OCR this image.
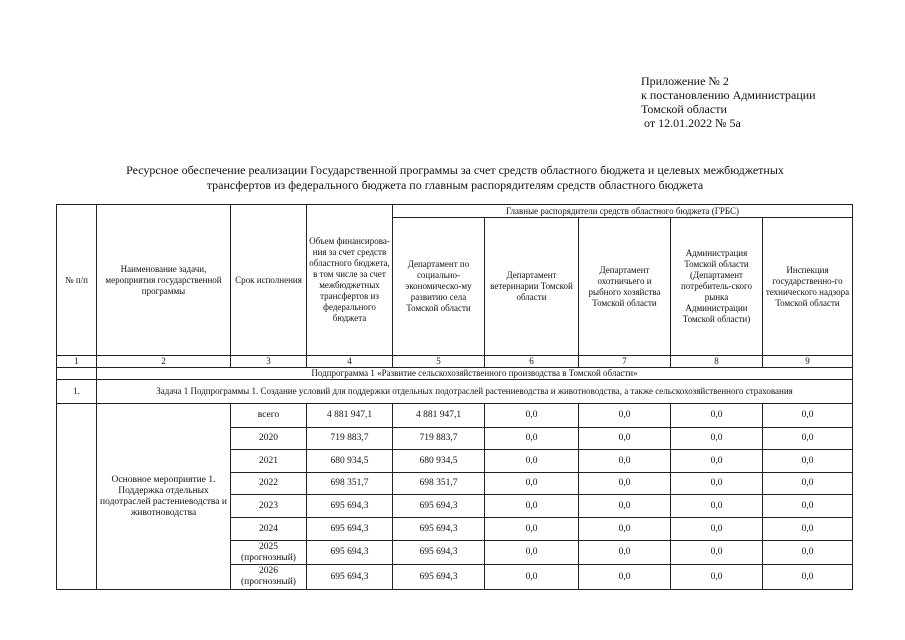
Приложение № 2
к постановлению Администрации
Томской области
от 12.01.2022 № 5а
Ресурсное обеспечение реализации Государственной программы за счет средств областного бюджета и целевых межбюджетных
трансфертов из федерального бюджета по главным распорядителям средств областного бюджета
№ п/п	Наименование задачи, мероприятия государственной программы	Срок исполнения	Объем финансирова-ния за счет средств областного бюджета, в том числе за счет межбюджетных трансфертов из федерального бюджета	Главные распорядители средств областного бюджета (ГРБС)				
				Департамент по социально-экономическо-му развитию села Томской области	Департамент ветеринарии Томской области	Департамент охотничьего и рыбного хозяйства Томской области	Администрация Томской области (Департамент потребитель-ского рынка Администрации Томской области)	Инспекция государственно-го технического надзора Томской области
1	2	3	4	5	6	7	8	9
	Подпрограмма 1 «Развитие сельскохозяйственного производства в Томской области»							
1.	Задача 1 Подпрограммы 1. Создание условий для поддержки отдельных подотраслей растениеводства и животноводства, а также сельскохозяйственного страхования							
	Основное мероприятие 1. Поддержка отдельных подотраслей растениеводства и животноводства	всего	4 881 947,1	4 881 947,1	0,0	0,0	0,0	0,0
		2020	719 883,7	719 883,7	0,0	0,0	0,0	0,0
		2021	680 934,5	680 934,5	0,0	0,0	0,0	0,0
		2022	698 351,7	698 351,7	0,0	0,0	0,0	0,0
		2023	695 694,3	695 694,3	0,0	0,0	0,0	0,0
		2024	695 694,3	695 694,3	0,0	0,0	0,0	0,0
		2025 (прогнозный)	695 694,3	695 694,3	0,0	0,0	0,0	0,0
		2026 (прогнозный)	695 694,3	695 694,3	0,0	0,0	0,0	0,0
